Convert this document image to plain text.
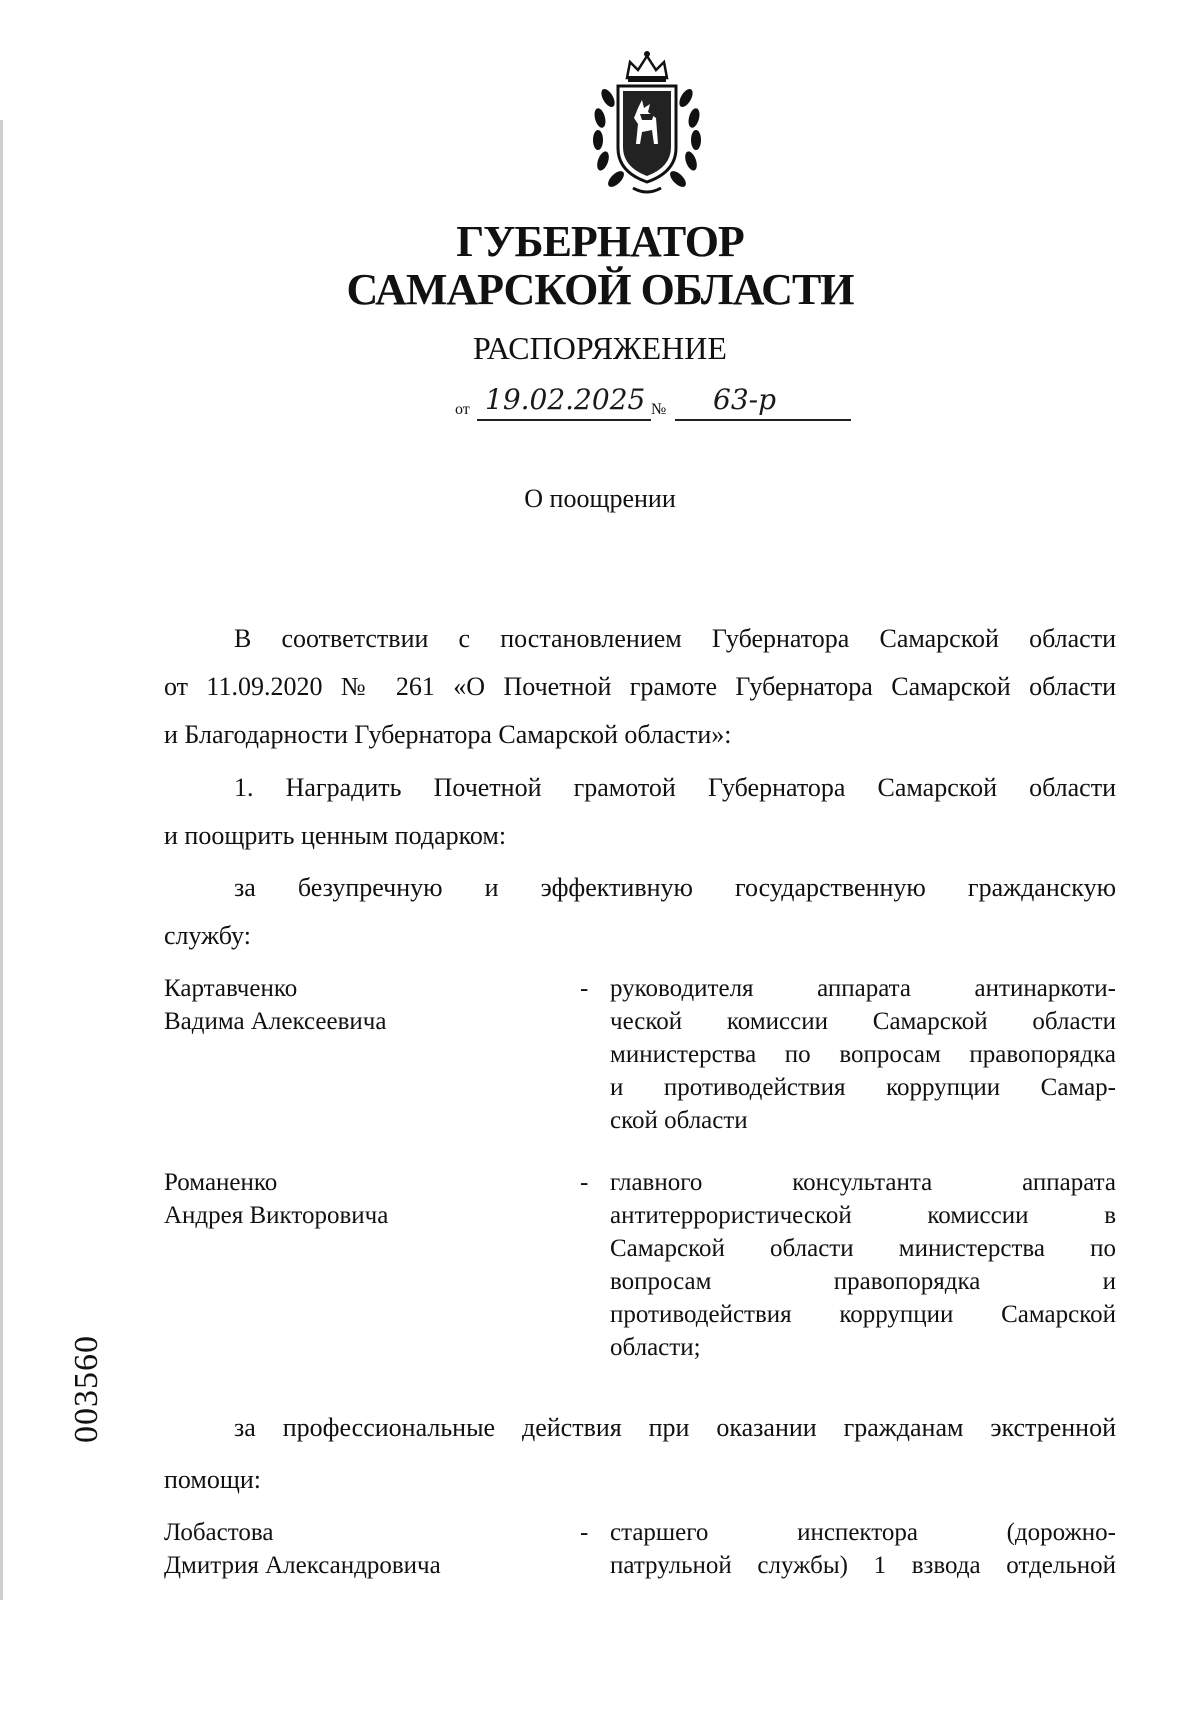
ГУБЕРНАТОР
САМАРСКОЙ ОБЛАСТИ
РАСПОРЯЖЕНИЕ
от 19.02.2025 № 63-р
О поощрении
В соответствии с постановлением Губернатора Самарской области
от 11.09.2020 № 261 «О Почетной грамоте Губернатора Самарской области
и Благодарности Губернатора Самарской области»:
1. Наградить Почетной грамотой Губернатора Самарской области
и поощрить ценным подарком:
за безупречную и эффективную государственную гражданскую
службу:
Картавченко
Вадима Алексеевича
- руководителя аппарата антинаркоти-
ческой комиссии Самарской области
министерства по вопросам правопорядка
и противодействия коррупции Самар-
ской области
Романенко
Андрея Викторовича
- главного консультанта аппарата
антитеррористической комиссии в
Самарской области министерства по
вопросам правопорядка и
противодействия коррупции Самарской
области;
за профессиональные действия при оказании гражданам экстренной
помощи:
Лобастова
Дмитрия Александровича
- старшего инспектора (дорожно-
патрульной службы) 1 взвода отдельной
003560
